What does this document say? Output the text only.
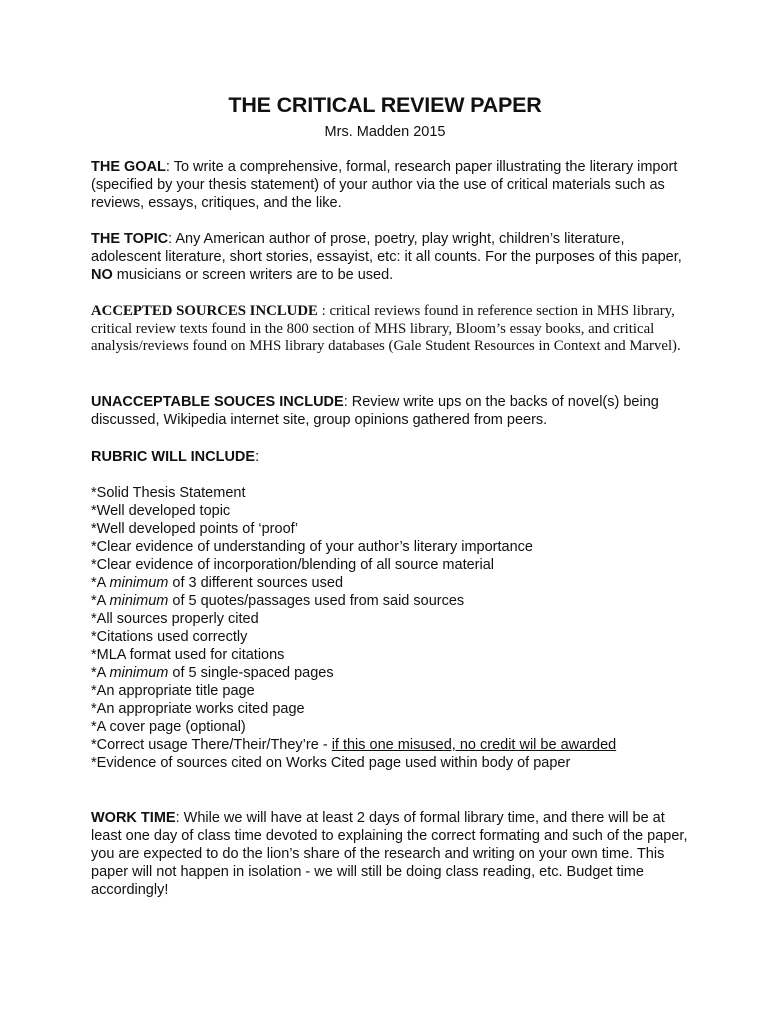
THE CRITICAL REVIEW PAPER
Mrs. Madden 2015
THE GOAL: To write a comprehensive, formal, research paper illustrating the literary import (specified by your thesis statement) of your author via the use of critical materials such as reviews, essays, critiques, and the like.
THE TOPIC: Any American author of prose, poetry, play wright, children’s literature, adolescent literature, short stories, essayist, etc: it all counts. For the purposes of this paper, NO musicians or screen writers are to be used.
ACCEPTED SOURCES INCLUDE : critical reviews found in reference section in MHS library, critical review texts found in the 800 section of MHS library, Bloom’s essay books, and critical analysis/reviews found on MHS library databases (Gale Student Resources in Context and Marvel).
UNACCEPTABLE SOUCES INCLUDE: Review write ups on the backs of novel(s) being discussed, Wikipedia internet site, group opinions gathered from peers.
RUBRIC WILL INCLUDE:
*Solid Thesis Statement
*Well developed topic
*Well developed points of ‘proof’
*Clear evidence of understanding of your author’s literary importance
*Clear evidence of incorporation/blending of all source material
*A minimum of 3 different sources used
*A minimum of 5 quotes/passages used from said sources
*All sources properly cited
*Citations used correctly
*MLA format used for citations
*A minimum of 5 single-spaced pages
*An appropriate title page
*An appropriate works cited page
*A cover page (optional)
*Correct usage There/Their/They’re - if this one misused, no credit wil be awarded
*Evidence of sources cited on Works Cited page used within body of paper
WORK TIME: While we will have at least 2 days of formal library time, and there will be at least one day of class time devoted to explaining the correct formating and such of the paper, you are expected to do the lion’s share of the research and writing on your own time. This paper will not happen in isolation - we will still be doing class reading, etc. Budget time accordingly!
